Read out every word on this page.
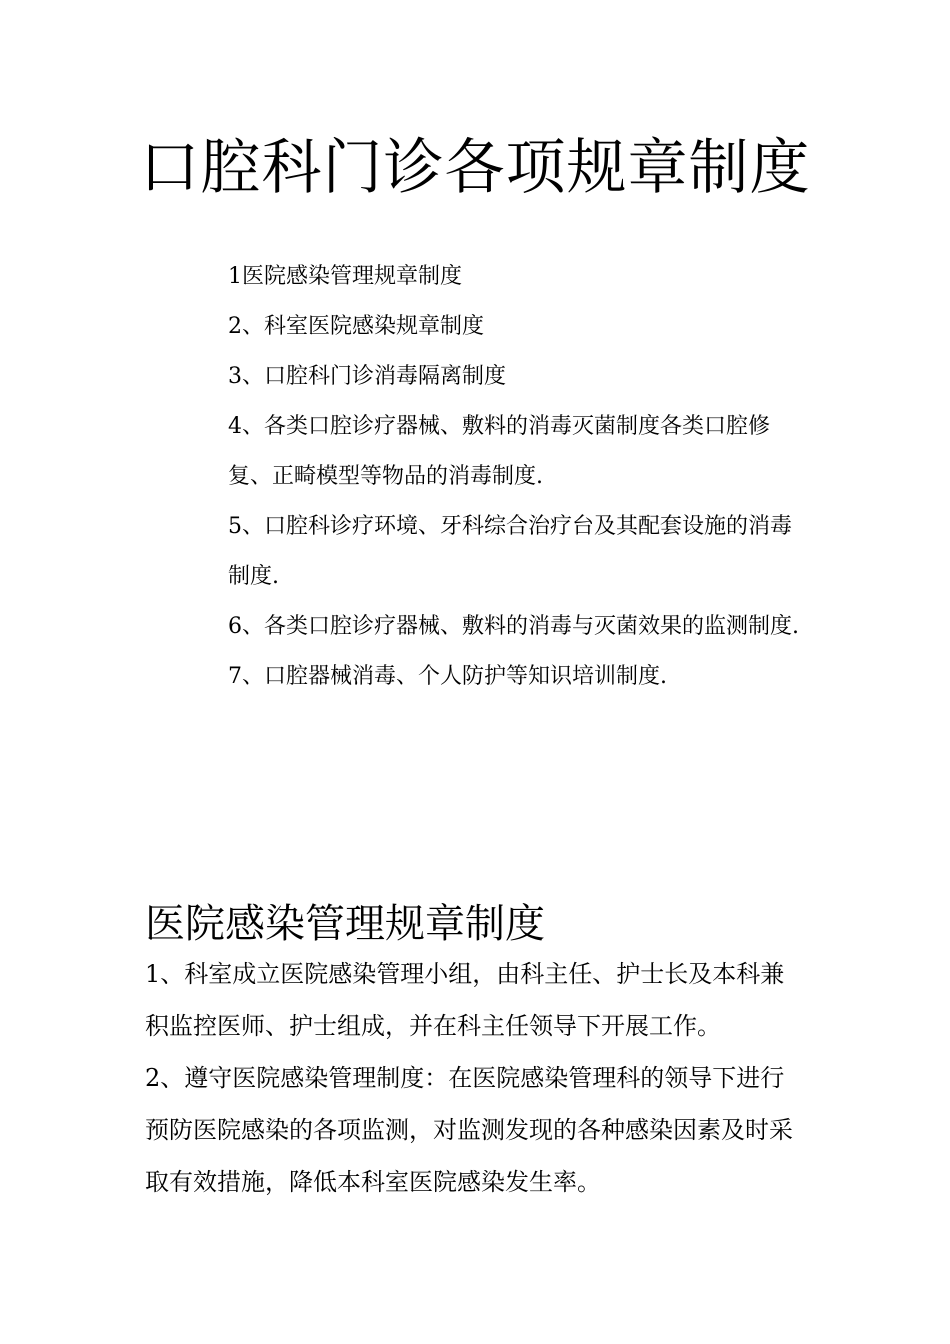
口腔科门诊各项规章制度
1医院感染管理规章制度
2、科室医院感染规章制度
3、口腔科门诊消毒隔离制度
4、各类口腔诊疗器械、敷料的消毒灭菌制度各类口腔修复、正畸模型等物品的消毒制度.
5、口腔科诊疗环境、牙科综合治疗台及其配套设施的消毒制度.
6、各类口腔诊疗器械、敷料的消毒与灭菌效果的监测制度.
7、口腔器械消毒、个人防护等知识培训制度.
医院感染管理规章制度

1、科室成立医院感染管理小组，由科主任、护士长及本科兼积监控医师、护士组成，并在科主任领导下开展工作。

2、遵守医院感染管理制度：在医院感染管理科的领导下进行预防医院感染的各项监测，对监测发现的各种感染因素及时采取有效措施，降低本科室医院感染发生率。
